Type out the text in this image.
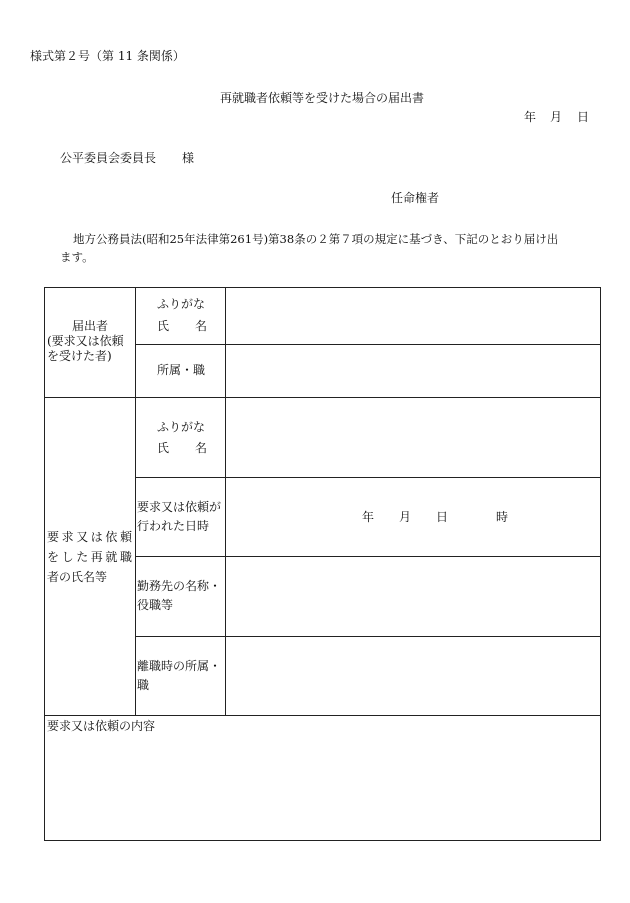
様式第２号（第 11 条関係）
再就職者依頼等を受けた場合の届出書
年 月 日
公平委員会委員長 様
任命権者
地方公務員法(昭和25年法律第261号)第38条の２第７項の規定に基づき、下記のとおり届け出
ます。
届出者
(要求又は依頼
を受けた者)
ふりがな
氏 名
所属・職
要求又は依頼
をした再就職
者の氏名等
ふりがな
氏 名
要求又は依頼が
行われた日時
年 月 日	時
勤務先の名称・
役職等
離職時の所属・
職
要求又は依頼の内容
